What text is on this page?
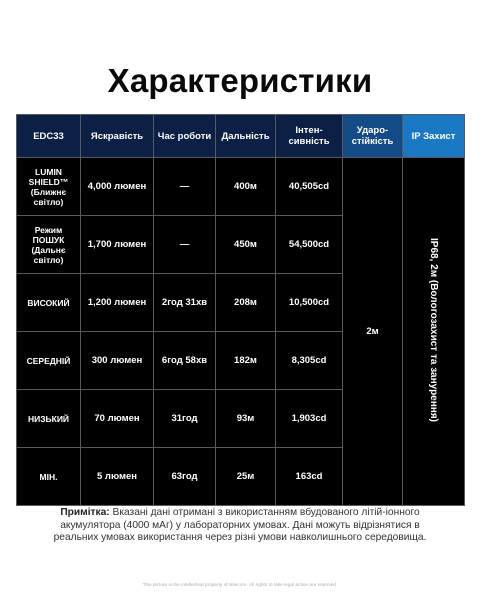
Характеристики
EDC33	Яскравість	Час роботи	Дальність	Інтен-сивність	Ударо-стійкість	IP Захист
LUMIN SHIELD™ (Ближнє світло)	4,000 люмен	—	400м	40,505cd	2м	IP68, 2м (Вологозахист та занурення)
Режим ПОШУК (Дальнє світло)	1,700 люмен	—	450м	54,500cd		
ВИСОКИЙ	1,200 люмен	2год 31хв	208м	10,500cd		
СЕРЕДНІЙ	300 люмен	6год 58хв	182м	8,305cd		
НИЗЬКИЙ	70 люмен	31год	93м	1,903cd		
МІН.	5 люмен	63год	25м	163cd		
Примітка: Вказані дані отримані з використанням вбудованого літій-іонного акумулятора (4000 мАг) у лабораторних умовах. Дані можуть відрізнятися в реальних умовах використання через різні умови навколишнього середовища.
This picture is the intellectual property of Nitecore. All rights to take legal action are reserved.
